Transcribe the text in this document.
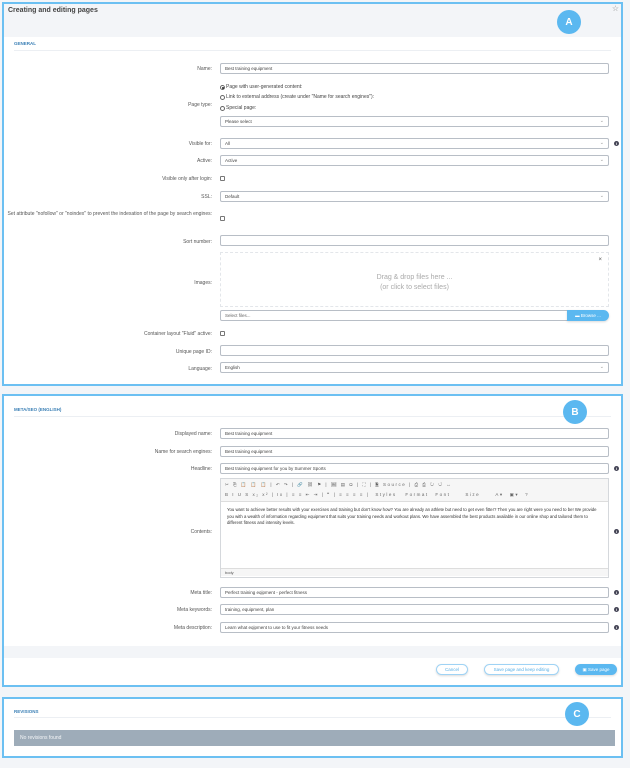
Creating and editing pages	☆
A
GENERAL
Name:	Best training equipment
Page with user-generated content:
Link to external address (create under "Name for search engines"):
Special page:
Page type:
Please select ⌄
Visible for:	All ⌄	i
Active:	Active ⌄
Visible only after login:
SSL:	Default ⌄
Set attribute "nofollow" or "noindex" to prevent the indexation of the page by search engines:
Sort number:
Drag & drop files here ...
(or click to select files)
×
Images:
Select files...	▬ Browse ...
Container layout "Fluid" active:
Unique page ID:
Language:	English ⌄
META/SEO (ENGLISH)	B
Displayed name:	Best training equipment
Name for search engines:	Best training equipment
Headline:	Best training equipment for you by Summer Sports	i
✂ ⎘ 📋 📋 📋 | ↶ ↷ | 🔗 ⛓ ⚑ | 🖼 ▤ Ω | ⛶ | 🗎 Source | ⎙ ⎙ ↻ ↺ ↔
B I U S x₂ x² | Ix | ≡ ≡ ⇤ ⇥ | ❞ | ≡ ≡ ≡ ≡ | Styles	Format Font	Size	A▾ ▣▾ ?
You want to achieve better results with your exercises and training but don't know how? You are already an athlete but need to get even fitter? Then you are right were you need to be! We provide you with a wealth of information regarding equipment that suits your training needs and workout plans. We have assembled the best products available in our online shop and tailored them to different fitness and intensity levels.
body
Contents:	i
Meta title:	Perfect training eqipment - perfect fitness	i
Meta keywords:	training, equipment, plan	i
Meta description:	Learn what eqipment to use to fit your fitness needs	i
Cancel	Save page and keep editing	▣ Save page
REVISIONS	C
No revisions found
